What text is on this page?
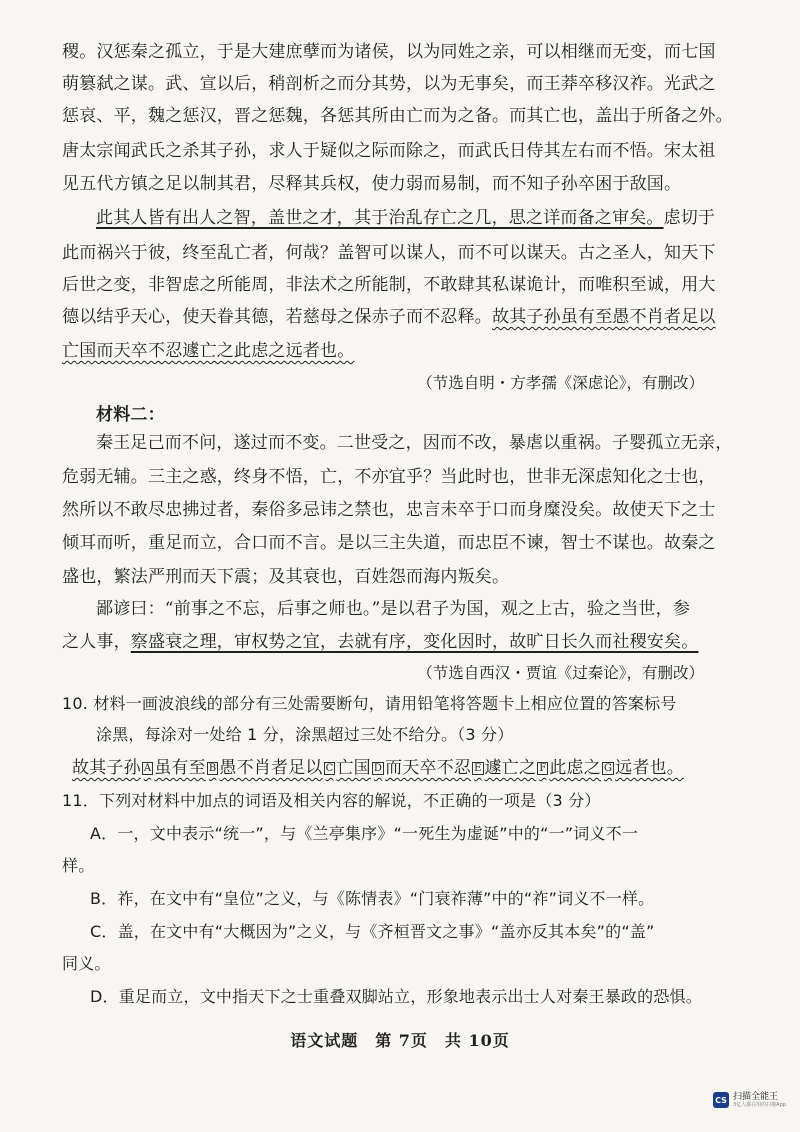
稷。汉惩秦之孤立，于是大建庶孽而为诸侯，以为同姓之亲，可以相继而无变，而七国
萌篡弑之谋。武、宣以后，稍剖析之而分其势，以为无事矣，而王莽卒移汉祚。光武之
惩哀、平，魏之惩汉，晋之惩魏，各惩其所由亡而为之备。而其亡也，盖出于所备之外。
唐太宗闻武氏之杀其子孙，求人于疑似之际而除之，而武氏日侍其左右而不悟。宋太祖
见五代方镇之足以制其君，尽释其兵权，使力弱而易制，而不知子孙卒困于敌国。
此其人皆有出人之智，盖世之才，其于治乱存亡之几，思之详而备之审矣。虑切于
此而祸兴于彼，终至乱亡者，何哉？盖智可以谋人，而不可以谋天。古之圣人，知天下
后世之变，非智虑之所能周，非法术之所能制，不敢肆其私谋诡计，而唯积至诚，用大
德以结乎天心，使天眷其德，若慈母之保赤子而不忍释。故其子孙虽有至愚不肖者足以
亡国而天卒不忍遽亡之此虑之远者也。
（节选自明・方孝孺《深虑论》，有删改）
材料二：
秦王足己而不问，遂过而不变。二世受之，因而不改，暴虐以重祸。子婴孤立无亲，
危弱无辅。三主之惑，终身不悟，亡，不亦宜乎？当此时也，世非无深虑知化之士也，
然所以不敢尽忠拂过者，秦俗多忌讳之禁也，忠言未卒于口而身糜没矣。故使天下之士
倾耳而听，重足而立，合口而不言。是以三主失道，而忠臣不谏，智士不谋也。故秦之
盛也，繁法严刑而天下震；及其衰也，百姓怨而海内叛矣。
鄙谚曰：“前事之不忘，后事之师也。”是以君子为国，观之上古，验之当世，参
之人事，察盛衰之理，审权势之宜，去就有序，变化因时，故旷日长久而社稷安矣。
（节选自西汉・贾谊《过秦论》，有删改）
10. 材料一画波浪线的部分有三处需要断句，请用铅笔将答题卡上相应位置的答案标号
涂黑，每涂对一处给 1 分，涂黑超过三处不给分。（3 分）
故其子孙 A 虽有至 B 愚不肖者足以 C 亡国 D 而天卒不忍 E 遽亡之 F 此虑之 G 远者也。
11．下列对材料中加点的词语及相关内容的解说，不正确的一项是（3 分）
A．一，文中表示“统一”，与《兰亭集序》“一死生为虚诞”中的“一”词义不一
样。
B．祚，在文中有“皇位”之义，与《陈情表》“门衰祚薄”中的“祚”词义不一样。
C．盖，在文中有“大概因为”之义，与《齐桓晋文之事》“盖亦反其本矣”的“盖”
同义。
D．重足而立，文中指天下之士重叠双脚站立，形象地表示出士人对秦王暴政的恐惧。
语文试题　第 7页　共 10页
CS 扫描全能王
3亿人都在用的扫描App
